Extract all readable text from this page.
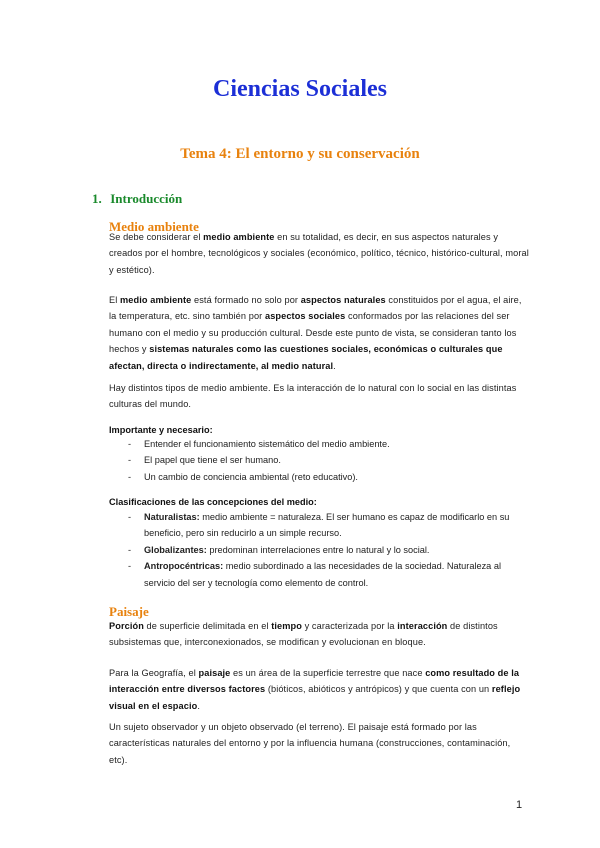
Ciencias Sociales
Tema 4: El entorno y su conservación
1. Introducción
Medio ambiente

Se debe considerar el medio ambiente en su totalidad, es decir, en sus aspectos naturales y creados por el hombre, tecnológicos y sociales (económico, político, técnico, histórico-cultural, moral y estético).

El medio ambiente está formado no solo por aspectos naturales constituidos por el agua, el aire, la temperatura, etc. sino también por aspectos sociales conformados por las relaciones del ser humano con el medio y su producción cultural. Desde este punto de vista, se consideran tanto los hechos y sistemas naturales como las cuestiones sociales, económicas o culturales que afectan, directa o indirectamente, al medio natural.

Hay distintos tipos de medio ambiente. Es la interacción de lo natural con lo social en las distintas culturas del mundo.

Importante y necesario:
- Entender el funcionamiento sistemático del medio ambiente.
- El papel que tiene el ser humano.
- Un cambio de conciencia ambiental (reto educativo).
Clasificaciones de las concepciones del medio:
- Naturalistas: medio ambiente = naturaleza. El ser humano es capaz de modificarlo en su beneficio, pero sin reducirlo a un simple recurso.
- Globalizantes: predominan interrelaciones entre lo natural y lo social.
- Antropocéntricas: medio subordinado a las necesidades de la sociedad. Naturaleza al servicio del ser y tecnología como elemento de control.
Paisaje

Porción de superficie delimitada en el tiempo y caracterizada por la interacción de distintos subsistemas que, interconexionados, se modifican y evolucionan en bloque.

Para la Geografía, el paisaje es un área de la superficie terrestre que nace como resultado de la interacción entre diversos factores (bióticos, abióticos y antrópicos) y que cuenta con un reflejo visual en el espacio.

Un sujeto observador y un objeto observado (el terreno). El paisaje está formado por las características naturales del entorno y por la influencia humana (construcciones, contaminación, etc).

1
